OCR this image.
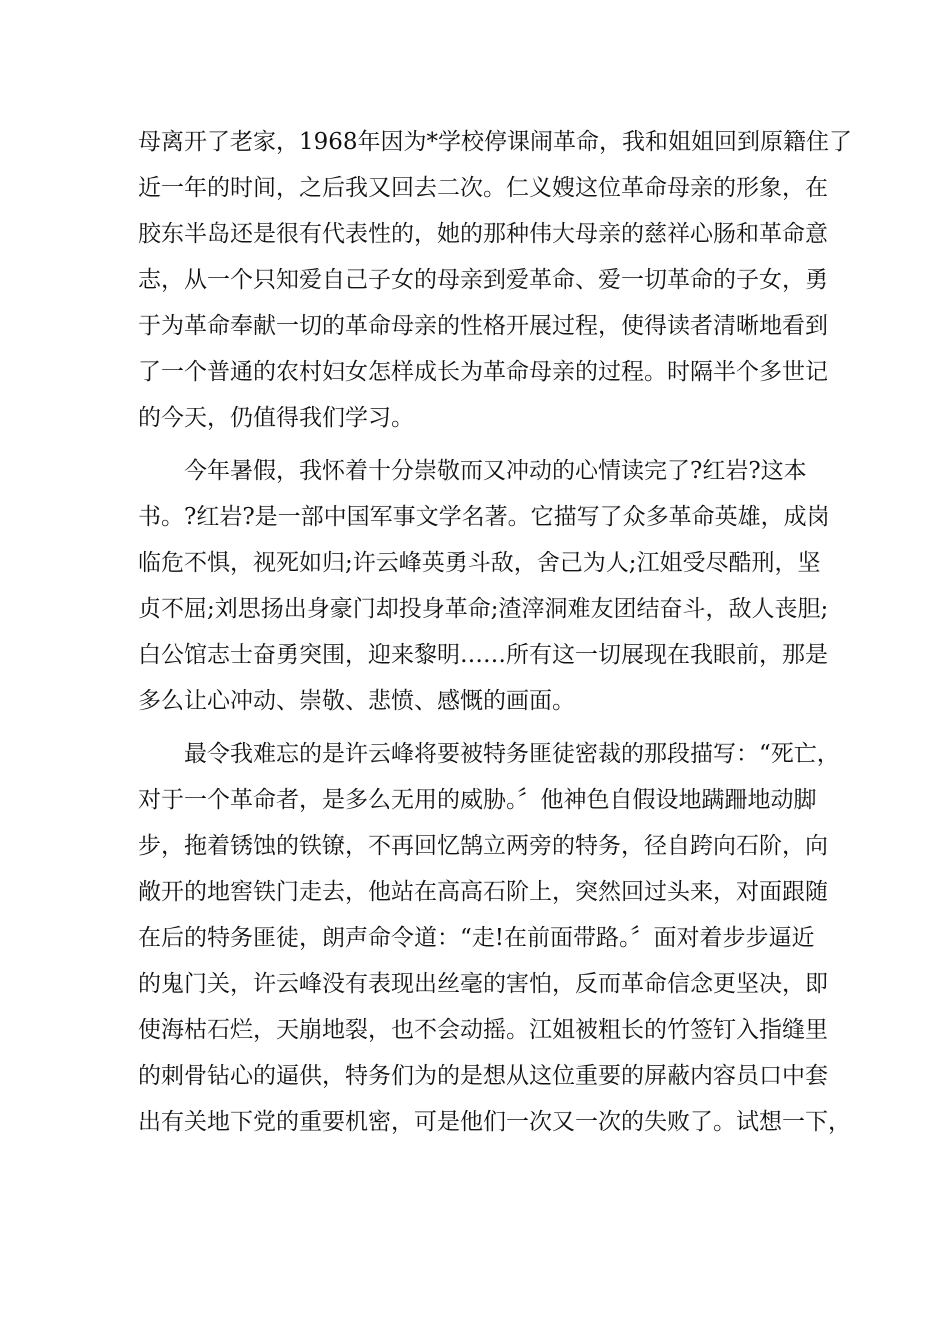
母离开了老家，1968年因为*学校停课闹革命，我和姐姐回到原籍住了
近一年的时间，之后我又回去二次。仁义嫂这位革命母亲的形象，在
胶东半岛还是很有代表性的，她的那种伟大母亲的慈祥心肠和革命意
志，从一个只知爱自己子女的母亲到爱革命、爱一切革命的子女，勇
于为革命奉献一切的革命母亲的性格开展过程，使得读者清晰地看到
了一个普通的农村妇女怎样成长为革命母亲的过程。时隔半个多世记
的今天，仍值得我们学习。
今年暑假，我怀着十分崇敬而又冲动的心情读完了?红岩?这本
书。?红岩?是一部中国军事文学名著。它描写了众多革命英雄，成岗
临危不惧，视死如归;许云峰英勇斗敌，舍己为人;江姐受尽酷刑，坚
贞不屈;刘思扬出身豪门却投身革命;渣滓洞难友团结奋斗，敌人丧胆;
白公馆志士奋勇突围，迎来黎明……所有这一切展现在我眼前，那是
多么让心冲动、崇敬、悲愤、感慨的画面。
最令我难忘的是许云峰将要被特务匪徒密裁的那段描写：“死亡，
对于一个革命者，是多么无用的威胁。〞他神色自假设地蹒跚地动脚
步，拖着锈蚀的铁镣，不再回忆鹄立两旁的特务，径自跨向石阶，向
敞开的地窖铁门走去，他站在高高石阶上，突然回过头来，对面跟随
在后的特务匪徒，朗声命令道：“走!在前面带路。〞面对着步步逼近
的鬼门关，许云峰没有表现出丝毫的害怕，反而革命信念更坚决，即
使海枯石烂，天崩地裂，也不会动摇。江姐被粗长的竹签钉入指缝里
的刺骨钻心的逼供，特务们为的是想从这位重要的屏蔽内容员口中套
出有关地下党的重要机密，可是他们一次又一次的失败了。试想一下，
